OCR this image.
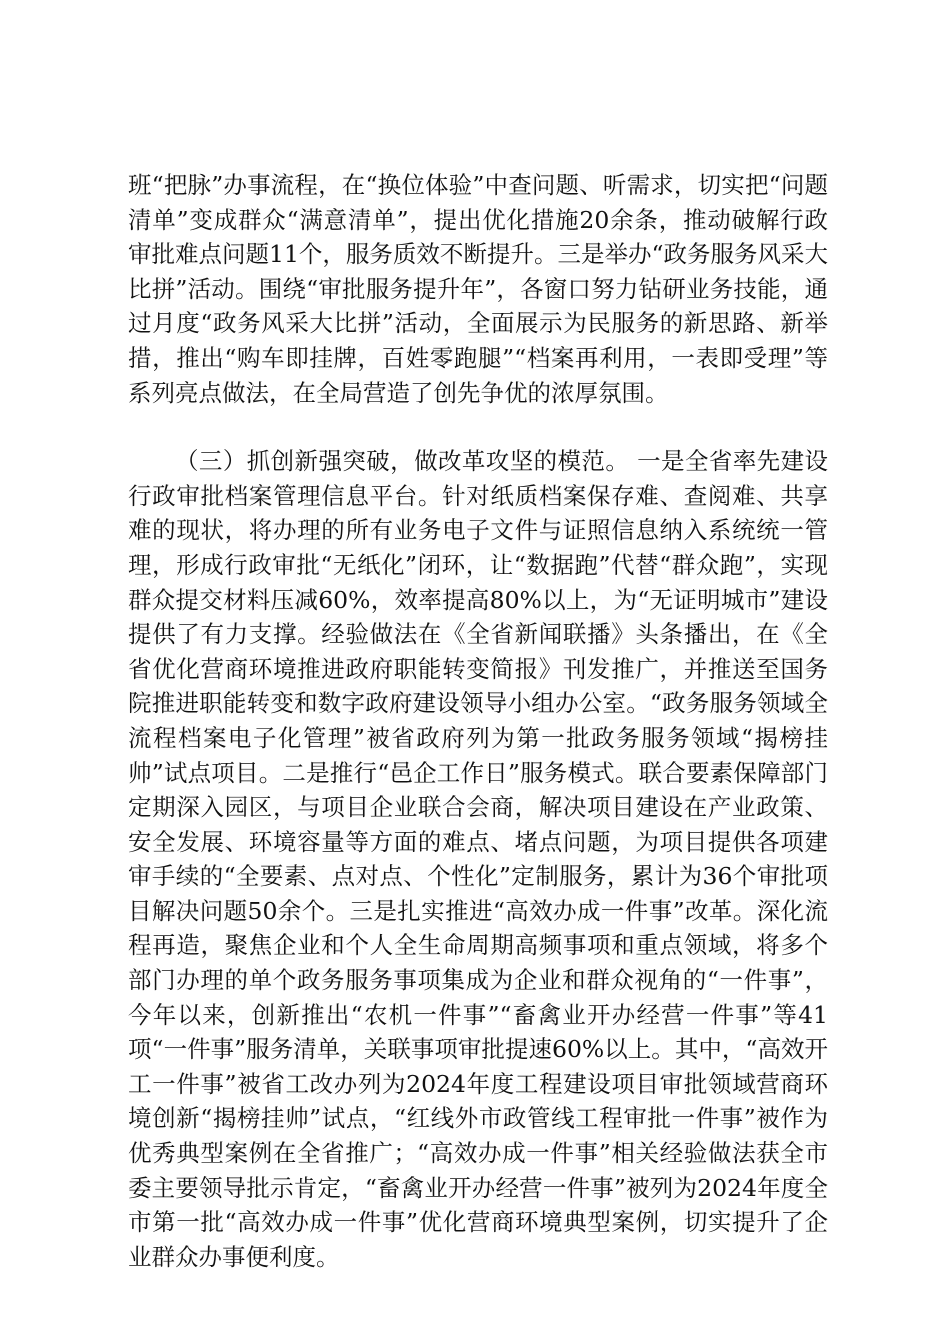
班“把脉”办事流程，在“换位体验”中查问题、听需求，切实把“问题清单”变成群众“满意清单”，提出优化措施20余条，推动破解行政审批难点问题11个，服务质效不断提升。三是举办“政务服务风采大比拼”活动。围绕“审批服务提升年”，各窗口努力钻研业务技能，通过月度“政务风采大比拼”活动，全面展示为民服务的新思路、新举措，推出“购车即挂牌，百姓零跑腿”“档案再利用，一表即受理”等系列亮点做法，在全局营造了创先争优的浓厚氛围。

（三）抓创新强突破，做改革攻坚的模范。 一是全省率先建设行政审批档案管理信息平台。针对纸质档案保存难、查阅难、共享难的现状，将办理的所有业务电子文件与证照信息纳入系统统一管理，形成行政审批“无纸化”闭环，让“数据跑”代替“群众跑”，实现群众提交材料压减60%，效率提高80%以上，为“无证明城市”建设提供了有力支撑。经验做法在《全省新闻联播》头条播出，在《全省优化营商环境推进政府职能转变简报》刊发推广，并推送至国务院推进职能转变和数字政府建设领导小组办公室。“政务服务领域全流程档案电子化管理”被省政府列为第一批政务服务领域“揭榜挂帅”试点项目。二是推行“邑企工作日”服务模式。联合要素保障部门定期深入园区，与项目企业联合会商，解决项目建设在产业政策、安全发展、环境容量等方面的难点、堵点问题，为项目提供各项建审手续的“全要素、点对点、个性化”定制服务，累计为36个审批项目解决问题50余个。三是扎实推进“高效办成一件事”改革。深化流程再造，聚焦企业和个人全生命周期高频事项和重点领域，将多个部门办理的单个政务服务事项集成为企业和群众视角的“一件事”，今年以来，创新推出“农机一件事”“畜禽业开办经营一件事”等41项“一件事”服务清单，关联事项审批提速60%以上。其中，“高效开工一件事”被省工改办列为2024年度工程建设项目审批领域营商环境创新“揭榜挂帅”试点，“红线外市政管线工程审批一件事”被作为优秀典型案例在全省推广；“高效办成一件事”相关经验做法获全市委主要领导批示肯定，“畜禽业开办经营一件事”被列为2024年度全市第一批“高效办成一件事”优化营商环境典型案例，切实提升了企业群众办事便利度。
